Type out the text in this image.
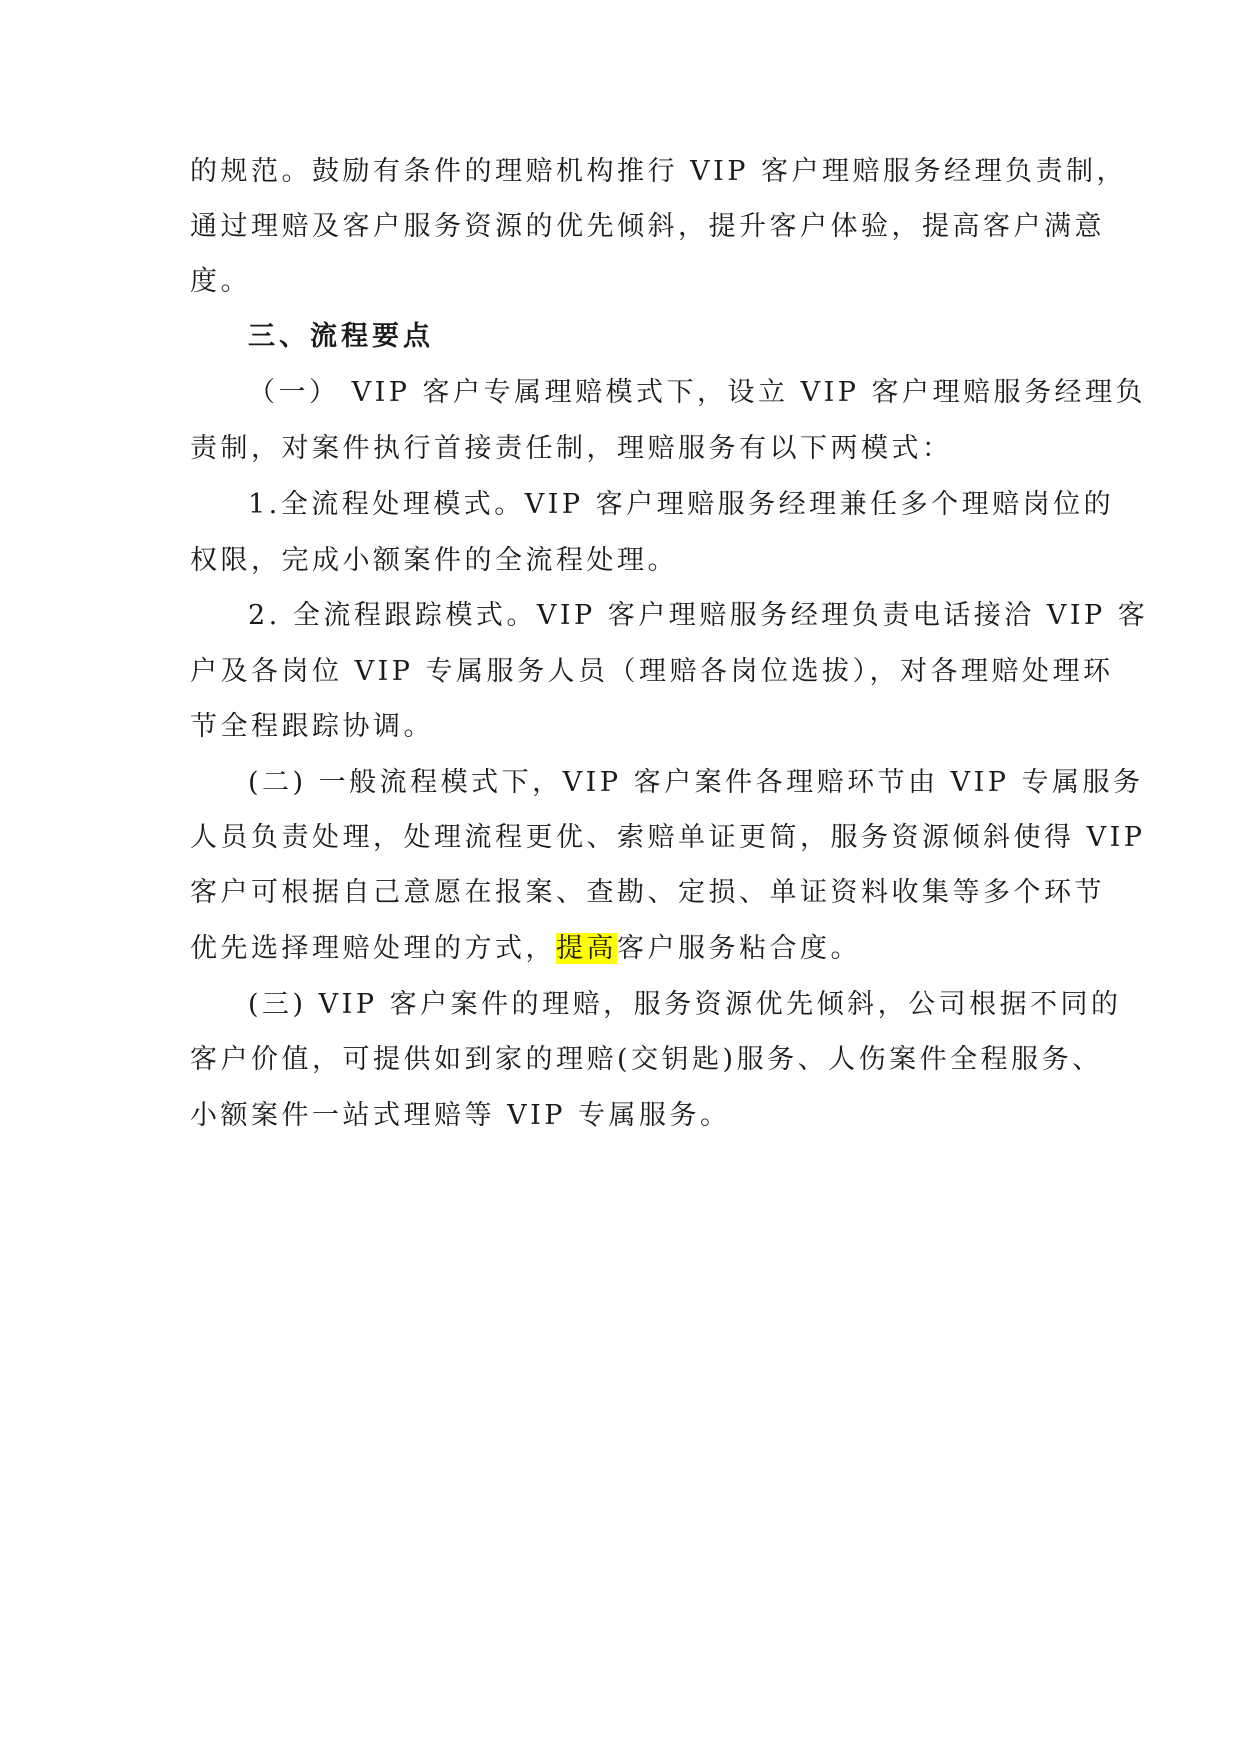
的规范。鼓励有条件的理赔机构推行 VIP 客户理赔服务经理负责制，
通过理赔及客户服务资源的优先倾斜，提升客户体验，提高客户满意
度。
三、流程要点
（一） VIP 客户专属理赔模式下，设立 VIP 客户理赔服务经理负
责制，对案件执行首接责任制，理赔服务有以下两模式：
1.全流程处理模式。VIP 客户理赔服务经理兼任多个理赔岗位的
权限，完成小额案件的全流程处理。
2. 全流程跟踪模式。VIP 客户理赔服务经理负责电话接洽 VIP 客
户及各岗位 VIP 专属服务人员（理赔各岗位选拔），对各理赔处理环
节全程跟踪协调。
(二) 一般流程模式下，VIP 客户案件各理赔环节由 VIP 专属服务
人员负责处理，处理流程更优、索赔单证更简，服务资源倾斜使得 VIP
客户可根据自己意愿在报案、查勘、定损、单证资料收集等多个环节
优先选择理赔处理的方式，提高客户服务粘合度。
(三) VIP 客户案件的理赔，服务资源优先倾斜，公司根据不同的
客户价值，可提供如到家的理赔(交钥匙)服务、人伤案件全程服务、
小额案件一站式理赔等 VIP 专属服务。
